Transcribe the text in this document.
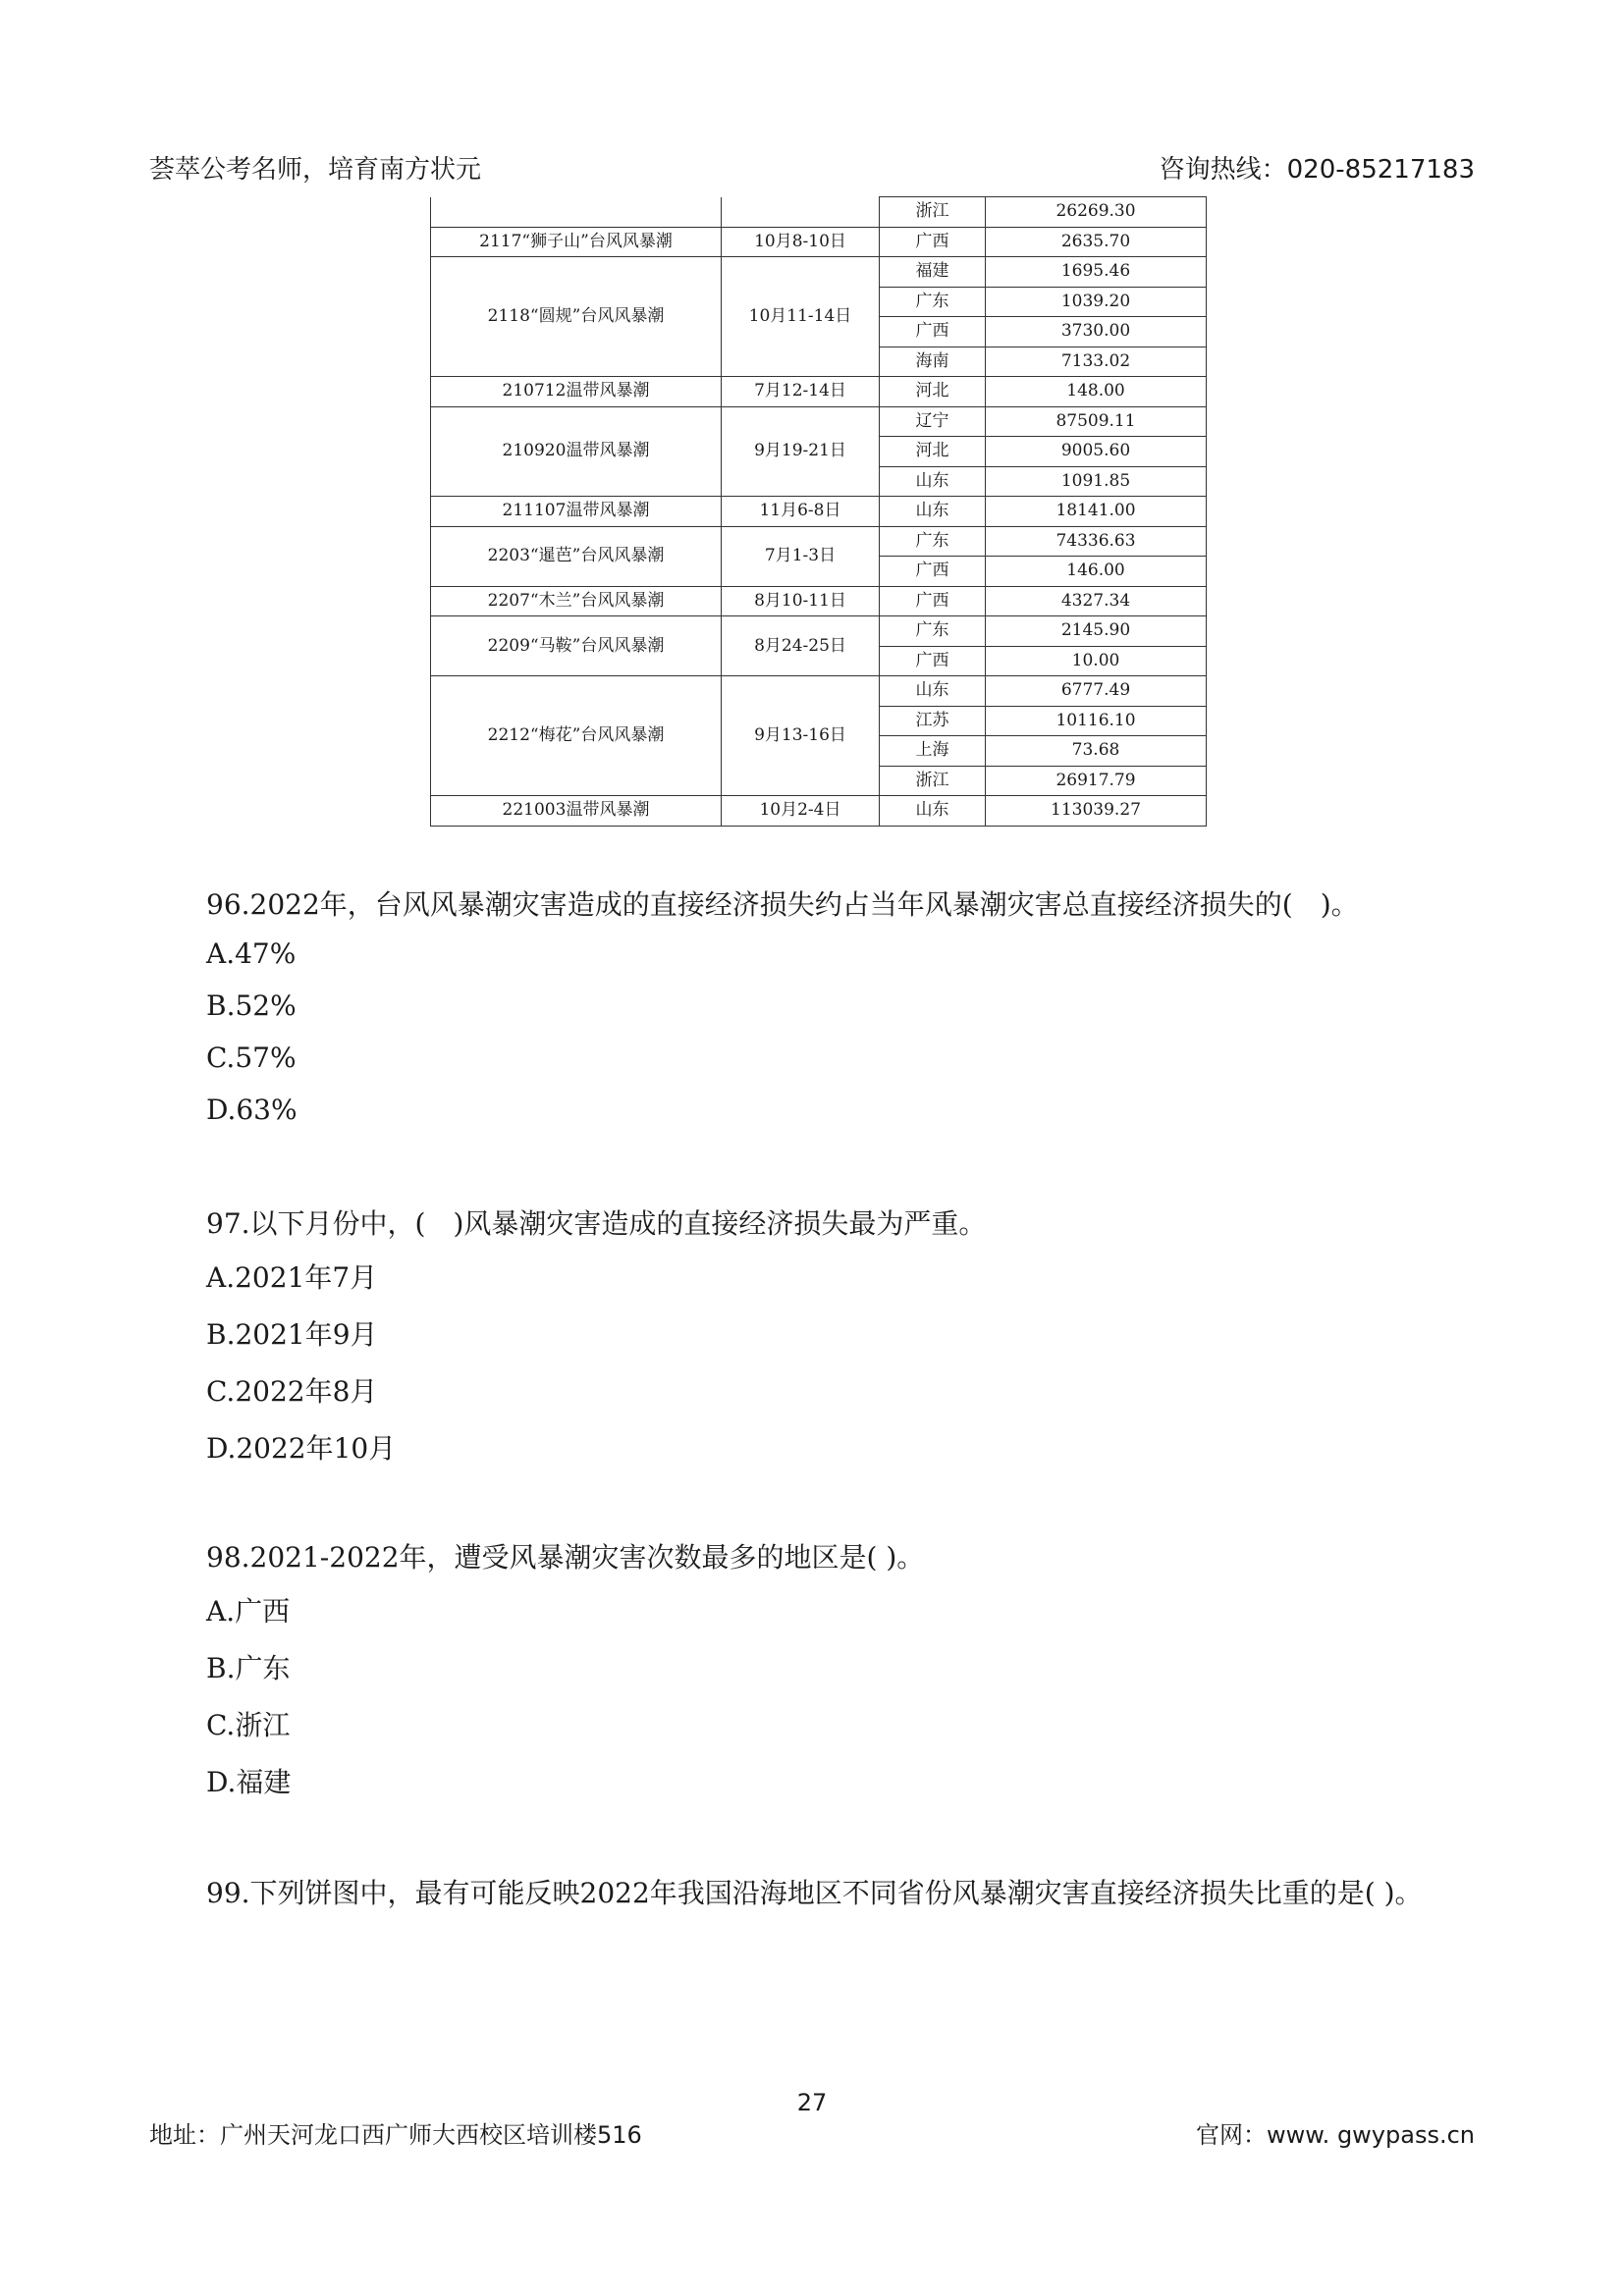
荟萃公考名师，培育南方状元	咨询热线：020-85217183
		浙江	26269.30
2117“狮子山”台风风暴潮	10月8-10日	广西	2635.70
2118“圆规”台风风暴潮	10月11-14日	福建	1695.46
		广东	1039.20
		广西	3730.00
		海南	7133.02
210712温带风暴潮	7月12-14日	河北	148.00
210920温带风暴潮	9月19-21日	辽宁	87509.11
		河北	9005.60
		山东	1091.85
211107温带风暴潮	11月6-8日	山东	18141.00
2203“暹芭”台风风暴潮	7月1-3日	广东	74336.63
		广西	146.00
2207“木兰”台风风暴潮	8月10-11日	广西	4327.34
2209“马鞍”台风风暴潮	8月24-25日	广东	2145.90
		广西	10.00
2212“梅花”台风风暴潮	9月13-16日	山东	6777.49
		江苏	10116.10
		上海	73.68
		浙江	26917.79
221003温带风暴潮	10月2-4日	山东	113039.27
96.2022年，台风风暴潮灾害造成的直接经济损失约占当年风暴潮灾害总直接经济损失的(　)。
A.47%
B.52%
C.57%
D.63%
97.以下月份中，(　)风暴潮灾害造成的直接经济损失最为严重。
A.2021年7月
B.2021年9月
C.2022年8月
D.2022年10月
98.2021-2022年，遭受风暴潮灾害次数最多的地区是( )。
A.广西
B.广东
C.浙江
D.福建
99.下列饼图中，最有可能反映2022年我国沿海地区不同省份风暴潮灾害直接经济损失比重的是( )。
27
地址：广州天河龙口西广师大西校区培训楼516	官网：www. gwypass.cn
